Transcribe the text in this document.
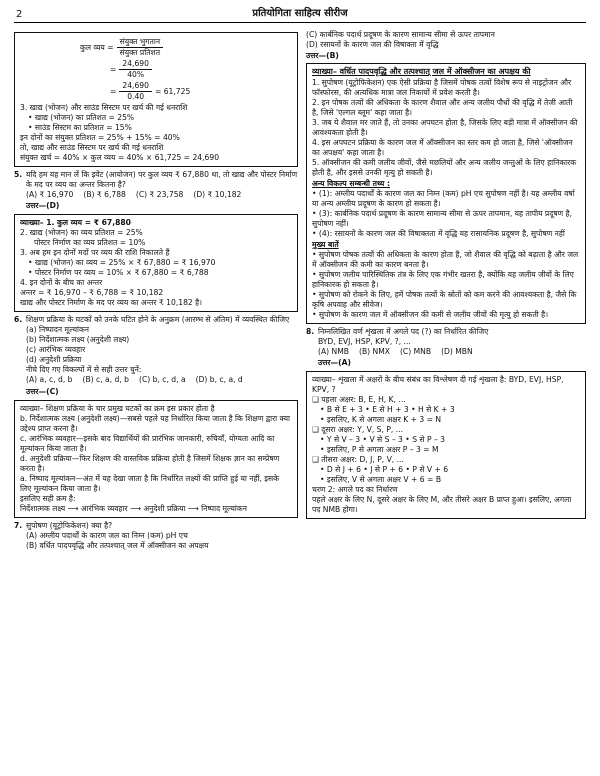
2	प्रतियोगिता साहित्य सीरीज
कुल व्यय = $\frac{\text{संयुक्त भुगतान}}{\text{संयुक्त प्रतिशत}}$
= $\frac{24,690}{40\%}$
= $\frac{24,690}{0.40} = 61,725$
3. खाद्य (भोजन) और साउंड सिस्टम पर खर्च की गई धनराशि
• खाद्य (भोजन) का प्रतिशत = 25%
• साउंड सिस्टम का प्रतिशत = 15%
इन दोनों का संयुक्त प्रतिशत = 25% + 15% = 40%
तो, खाद्य और साउंड सिस्टम पर खर्च की गई धनराशि
संयुक्त खर्च = 40% × कुल व्यय = 40% × 61,725 = 24,690
5. यदि हम यह मान लें कि इवेंट (आयोजन) पर कुल व्यय ₹ 67,880 था, तो खाद्य और पोस्टर निर्माण के मद पर व्यय का अन्तर कितना है?
(A) ₹ 16,970 (B) ₹ 6,788 (C) ₹ 23,758 (D) ₹ 10,182
उत्तर—(D)
व्याख्या– 1. कुल व्यय = ₹ 67,880
2. खाद्य (भोजन) का व्यय प्रतिशत = 25%
पोस्टर निर्माण का व्यय प्रतिशत = 10%
3. अब हम इन दोनों मदों पर व्यय की राशि निकालते हैं
• खाद्य (भोजन) का व्यय = 25% × ₹ 67,880 = ₹ 16,970
• पोस्टर निर्माण पर व्यय = 10% × ₹ 67,880 = ₹ 6,788
4. इन दोनों के बीच का अन्तर
अन्तर = ₹ 16,970 – ₹ 6,788 = ₹ 10,182
खाद्य और पोस्टर निर्माण के मद पर व्यय का अन्तर ₹ 10,182 है।
6. शिक्षण प्रक्रिया के घटकों को उनके घटित होने के अनुक्रम (आरम्भ से अंतिम) में व्यवस्थित कीजिए
(a) निष्पादन मूल्यांकन
(b) निर्देशात्मक लक्ष्य (अनुदेशी लक्ष्य)
(c) आरंभिक व्यवहार
(d) अनुदेशी प्रक्रिया
नीचे दिए गए विकल्पों में से सही उत्तर चुनें:
(A) a, c, d, b (B) c, a, d, b (C) b, c, d, a (D) b, c, a, d
उत्तर—(C)
व्याख्या– शिक्षण प्रक्रिया के चार प्रमुख घटकों का क्रम इस प्रकार होता है
b. निर्देशात्मक लक्ष्य (अनुदेशी लक्ष्य)—सबसे पहले यह निर्धारित किया जाता है कि शिक्षण द्वारा क्या उद्देश्य प्राप्त करना है।
c. आरंभिक व्यवहार—इसके बाद विद्यार्थियों की प्रारंभिक जानकारी, रुचियाँ, योग्यता आदि का मूल्यांकन किया जाता है।
d. अनुदेशी प्रक्रिया—फिर शिक्षण की वास्तविक प्रक्रिया होती है जिसमें शिक्षक ज्ञान का सम्प्रेषण करता है।
a. निष्पाद मूल्यांकन—अंत में यह देखा जाता है कि निर्धारित लक्ष्यों की प्राप्ति हुई या नहीं, इसके लिए मूल्यांकन किया जाता है।
इसलिए सही क्रम है:
निर्देशात्मक लक्ष्य ⟶ आरंभिक व्यवहार ⟶ अनुदेशी प्रक्रिया ⟶ निष्पाद मूल्यांकन
7. सुपोषण (यूट्रोफिकेशन) क्या है?
(A) अम्लीय पदार्थों के कारण जल का निम्न (कम) pH एच
(B) वर्धित पादपवृद्धि और तत्पश्चात् जल में ऑक्सीजन का अपक्षय
(C) कार्बनिक पदार्थ प्रदूषण के कारण सामान्य सीमा से ऊपर तापमान
(D) रसायनों के कारण जल की विषाक्ता में वृद्धि
उत्तर—(B)
व्याख्या– वर्धित पादपवृद्धि और तत्पश्चात् जल में ऑक्सीजन का अपक्षय की
1. सुपोषण (यूट्रोफिकेशन) एक ऐसी प्रक्रिया है जिसमें पोषक तत्वों विशेष रूप से नाइट्रोजन और फॉस्फोरस, की अत्यधिक मात्रा जल निकायों में प्रवेश करती है।
2. इन पोषक तत्वों की अधिकता के कारण शैवाल और अन्य जलीय पौधों की वृद्धि में तेजी आती है, जिसे 'एल्गल ब्लूम' कहा जाता है।
3. जब ये शैवाल मर जाते हैं, तो उनका अपघटन होता है, जिसके लिए बड़ी मात्रा में ऑक्सीजन की आवश्यकता होती है।
4. इस अपघटन प्रक्रिया के कारण जल में ऑक्सीजन का स्तर कम हो जाता है, जिसे 'ऑक्सीजन का अपक्षय' कहा जाता है।
5. ऑक्सीजन की कमी जलीय जीवों, जैसे मछलियों और अन्य जलीय जन्तुओं के लिए हानिकारक होती है, और इससे उनकी मृत्यु हो सकती है।
अन्य विकल्प सम्बन्धी तथ्य :
• (1): अम्लीय पदार्थों के कारण जल का निम्न (कम) pH एच सुपोषण नहीं है। यह अम्लीय वर्षा या अन्य अम्लीय प्रदूषण के कारण हो सकता है।
• (3): कार्बनिक पदार्थ प्रदूषण के कारण सामान्य सीमा से ऊपर तापमान, यह तापीय प्रदूषण है, सुपोषण नहीं।
• (4): रसायनों के कारण जल की विषाक्तता में वृद्धि यह रासायनिक प्रदूषण है, सुपोषण नहीं
मुख्य बातें
• सुपोषण पोषक तत्वों की अधिकता के कारण होता है, जो शैवाल की वृद्धि को बढ़ाता है और जल में ऑक्सीजन की कमी का कारण बनता है।
• सुपोषण जलीय पारिस्थितिक तंत्र के लिए एक गंभीर खतरा है, क्योंकि यह जलीय जीवों के लिए हानिकारक हो सकता है।
• सुपोषण को रोकने के लिए, हमें पोषक तत्वों के स्रोतों को कम करने की आवश्यकता है, जैसे कि कृषि अपवाह और सीवेज।
• सुपोषण के कारण जल में ऑक्सीजन की कमी से जलीय जीवों की मृत्यु हो सकती है।
8. निम्नलिखित वर्ण शृंखला में अगले पद (?) का निर्धारित कीजिए
BYD, EVJ, HSP, KPV, ?, ...
(A) NMB (B) NMX (C) MNB (D) MBN
उत्तर—(A)
व्याख्या– शृंखला में अक्षरों के बीच संबंध का विश्लेषण दी गई शृंखला है: BYD, EVJ, HSP, KPV, ?
❑ पहला अक्षर: B, E, H, K, ...
• B से E + 3 • E से H + 3 • H से K + 3
• इसलिए, K से अगला अक्षर K + 3 = N
❑ दूसरा अक्षर: Y, V, S, P, ...
• Y से V – 3 • V से S – 3 • S से P – 3
• इसलिए, P से अगला अक्षर P – 3 = M
❑ तीसरा अक्षर: D, J, P, V, ...
• D से J + 6 • J से P + 6 • P से V + 6
• इसलिए, V से अगला अक्षर V + 6 = B
चरण 2: अगले पद का निर्धारण
पहले अक्षर के लिए N, दूसरे अक्षर के लिए M, और तीसरे अक्षर B प्राप्त हुआ। इसलिए, अगला पद NMB होगा।
